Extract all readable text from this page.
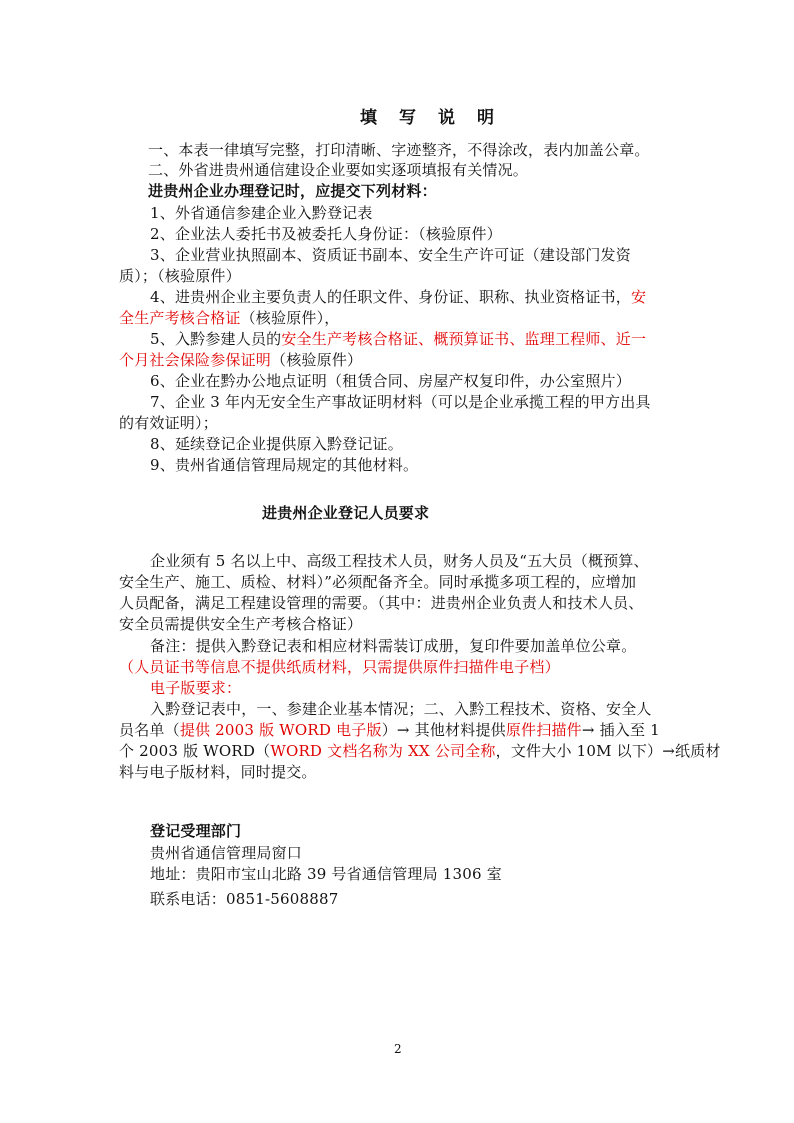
填写说明
一、本表一律填写完整，打印清晰、字迹整齐，不得涂改，表内加盖公章。
二、外省进贵州通信建设企业要如实逐项填报有关情况。
进贵州企业办理登记时，应提交下列材料：
1、外省通信参建企业入黔登记表
2、企业法人委托书及被委托人身份证：（核验原件）
3、企业营业执照副本、资质证书副本、安全生产许可证（建设部门发资
质）；（核验原件）
4、进贵州企业主要负责人的任职文件、身份证、职称、执业资格证书，安
全生产考核合格证（核验原件），
5、入黔参建人员的安全生产考核合格证、概预算证书、监理工程师、近一
个月社会保险参保证明（核验原件）
6、企业在黔办公地点证明（租赁合同、房屋产权复印件，办公室照片）
7、企业 3 年内无安全生产事故证明材料（可以是企业承揽工程的甲方出具
的有效证明）；
8、延续登记企业提供原入黔登记证。
9、贵州省通信管理局规定的其他材料。
进贵州企业登记人员要求
企业须有 5 名以上中、高级工程技术人员，财务人员及“五大员（概预算、
安全生产、施工、质检、材料）”必须配备齐全。同时承揽多项工程的，应增加
人员配备，满足工程建设管理的需要。（其中：进贵州企业负责人和技术人员、
安全员需提供安全生产考核合格证）
备注：提供入黔登记表和相应材料需装订成册，复印件要加盖单位公章。
（人员证书等信息不提供纸质材料，只需提供原件扫描件电子档）
电子版要求：
入黔登记表中，一、参建企业基本情况；二、入黔工程技术、资格、安全人
员名单（提供 2003 版 WORD 电子版）→ 其他材料提供原件扫描件→ 插入至 1
个 2003 版 WORD（WORD 文档名称为 XX 公司全称，文件大小 10M 以下）→纸质材
料与电子版材料，同时提交。
登记受理部门
贵州省通信管理局窗口
地址：贵阳市宝山北路 39 号省通信管理局 1306 室
联系电话：0851-5608887
2
